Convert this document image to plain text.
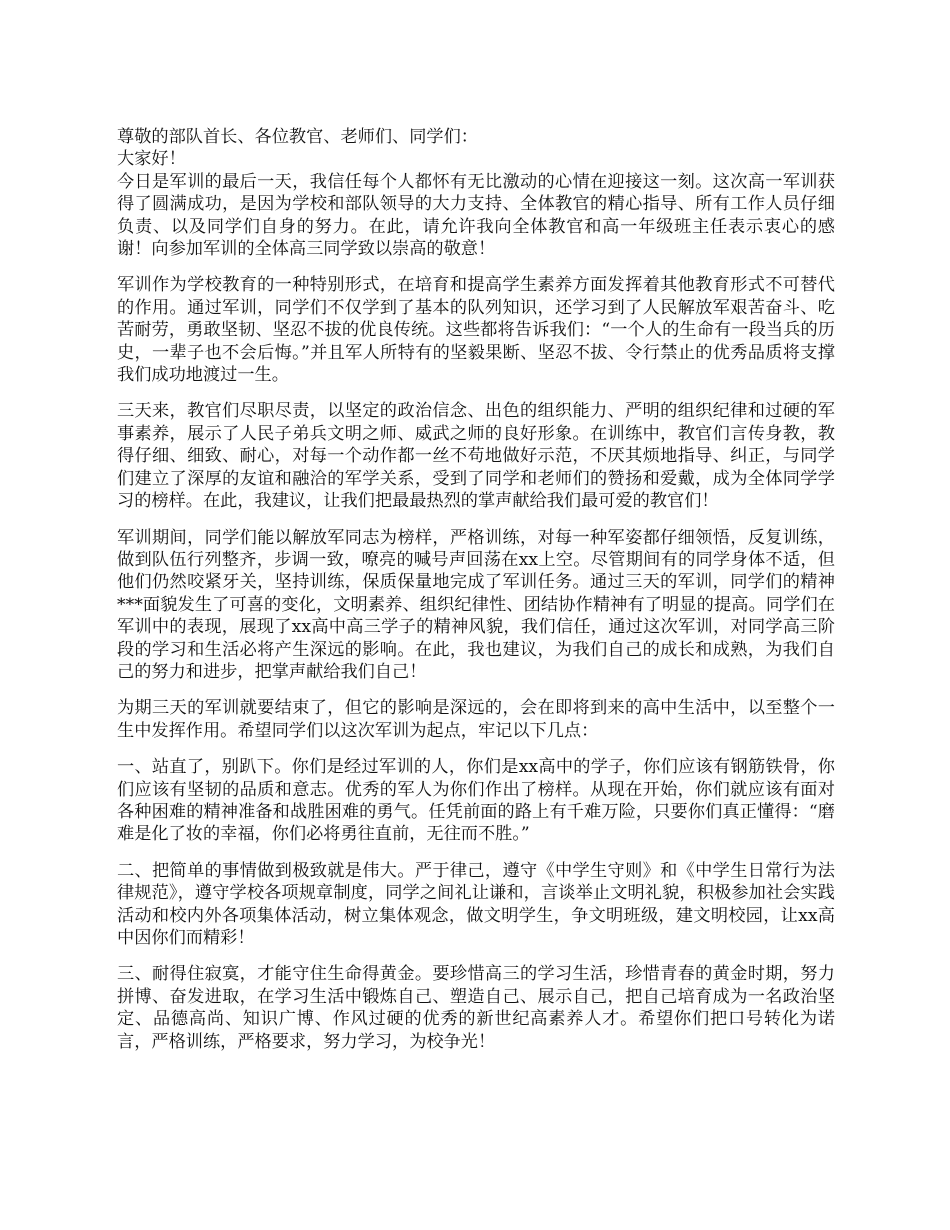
尊敬的部队首长、各位教官、老师们、同学们：

大家好！

今日是军训的最后一天，我信任每个人都怀有无比激动的心情在迎接这一刻。这次高一军训获得了圆满成功，是因为学校和部队领导的大力支持、全体教官的精心指导、所有工作人员仔细负责、以及同学们自身的努力。在此，请允许我向全体教官和高一年级班主任表示衷心的感谢！向参加军训的全体高三同学致以崇高的敬意！

军训作为学校教育的一种特别形式，在培育和提高学生素养方面发挥着其他教育形式不可替代的作用。通过军训，同学们不仅学到了基本的队列知识，还学习到了人民解放军艰苦奋斗、吃苦耐劳，勇敢坚韧、坚忍不拔的优良传统。这些都将告诉我们：“一个人的生命有一段当兵的历史，一辈子也不会后悔。”并且军人所特有的坚毅果断、坚忍不拔、令行禁止的优秀品质将支撑我们成功地渡过一生。

三天来，教官们尽职尽责，以坚定的政治信念、出色的组织能力、严明的组织纪律和过硬的军事素养，展示了人民子弟兵文明之师、威武之师的良好形象。在训练中，教官们言传身教，教得仔细、细致、耐心，对每一个动作都一丝不苟地做好示范，不厌其烦地指导、纠正，与同学们建立了深厚的友谊和融洽的军学关系，受到了同学和老师们的赞扬和爱戴，成为全体同学学习的榜样。在此，我建议，让我们把最最热烈的掌声献给我们最可爱的教官们！

军训期间，同学们能以解放军同志为榜样，严格训练，对每一种军姿都仔细领悟，反复训练，做到队伍行列整齐，步调一致，嘹亮的喊号声回荡在xx上空。尽管期间有的同学身体不适，但他们仍然咬紧牙关，坚持训练，保质保量地完成了军训任务。通过三天的军训，同学们的精神***面貌发生了可喜的变化，文明素养、组织纪律性、团结协作精神有了明显的提高。同学们在军训中的表现，展现了xx高中高三学子的精神风貌，我们信任，通过这次军训，对同学高三阶段的学习和生活必将产生深远的影响。在此，我也建议，为我们自己的成长和成熟，为我们自己的努力和进步，把掌声献给我们自己！

为期三天的军训就要结束了，但它的影响是深远的，会在即将到来的高中生活中，以至整个一生中发挥作用。希望同学们以这次军训为起点，牢记以下几点：

一、站直了，别趴下。你们是经过军训的人，你们是xx高中的学子，你们应该有钢筋铁骨，你们应该有坚韧的品质和意志。优秀的军人为你们作出了榜样。从现在开始，你们就应该有面对各种困难的精神准备和战胜困难的勇气。任凭前面的路上有千难万险，只要你们真正懂得：“磨难是化了妆的幸福，你们必将勇往直前，无往而不胜。”

二、把简单的事情做到极致就是伟大。严于律己，遵守《中学生守则》和《中学生日常行为法律规范》，遵守学校各项规章制度，同学之间礼让谦和，言谈举止文明礼貌，积极参加社会实践活动和校内外各项集体活动，树立集体观念，做文明学生，争文明班级，建文明校园，让xx高中因你们而精彩！

三、耐得住寂寞，才能守住生命得黄金。要珍惜高三的学习生活，珍惜青春的黄金时期，努力拼博、奋发进取，在学习生活中锻炼自己、塑造自己、展示自己，把自己培育成为一名政治坚定、品德高尚、知识广博、作风过硬的优秀的新世纪高素养人才。希望你们把口号转化为诺言，严格训练，严格要求，努力学习，为校争光！
